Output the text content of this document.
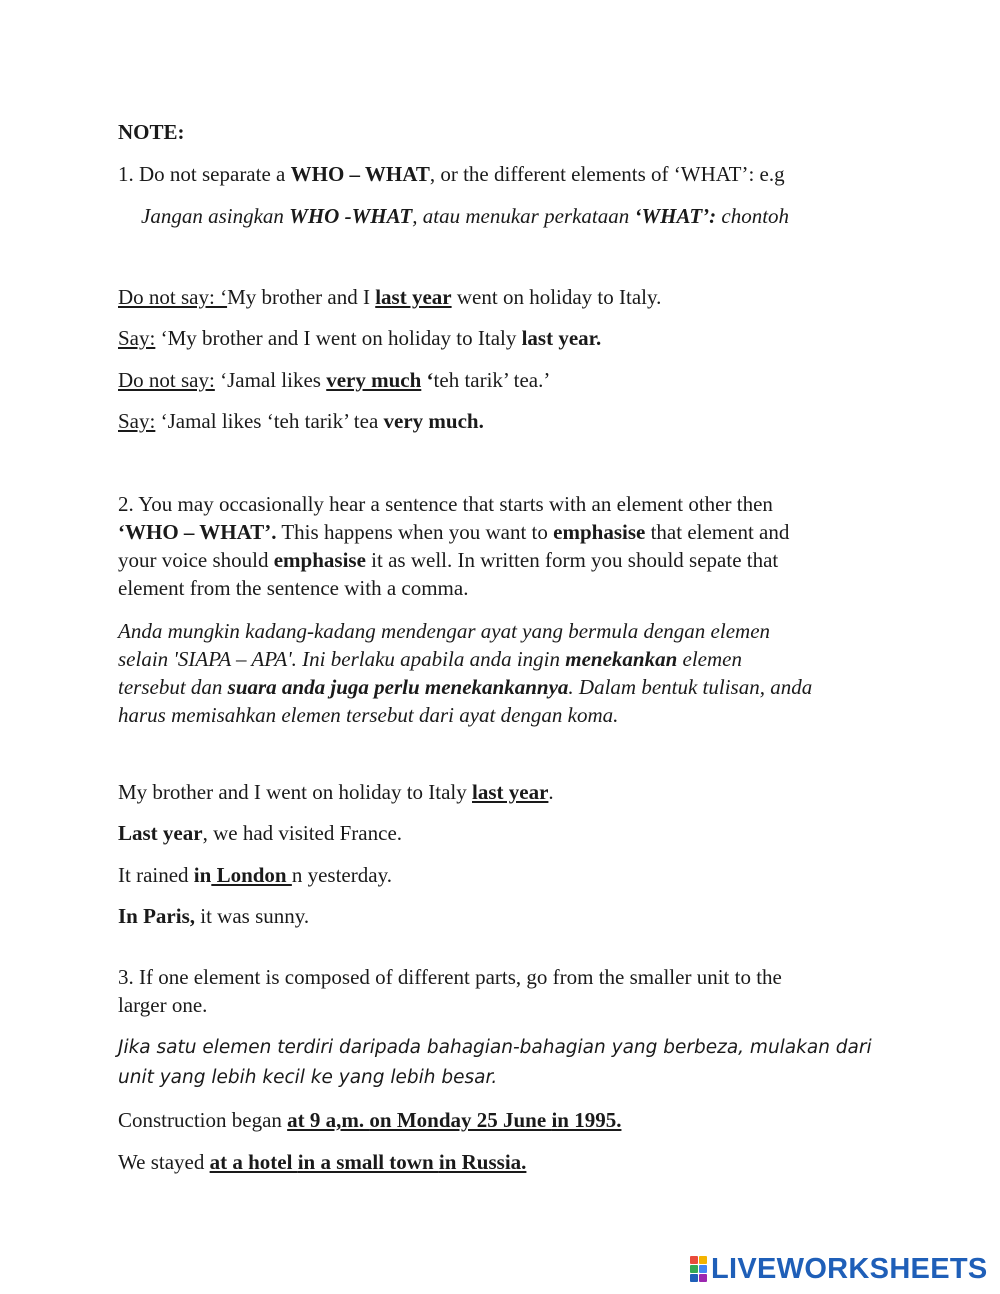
NOTE:
1. Do not separate a WHO – WHAT, or the different elements of ‘WHAT’: e.g
Jangan asingkan WHO -WHAT, atau menukar perkataan ‘WHAT’: chontoh
Do not say: ‘My brother and I last year went on holiday to Italy.
Say: ‘My brother and I went on holiday to Italy last year.
Do not say: ‘Jamal likes very much ‘teh tarik’ tea.’
Say: ‘Jamal likes ‘teh tarik’ tea very much.
2. You may occasionally hear a sentence that starts with an element other then
‘WHO – WHAT’. This happens when you want to emphasise that element and
your voice should emphasise it as well. In written form you should sepate that
element from the sentence with a comma.
Anda mungkin kadang-kadang mendengar ayat yang bermula dengan elemen
selain 'SIAPA – APA'. Ini berlaku apabila anda ingin menekankan elemen
tersebut dan suara anda juga perlu menekankannya. Dalam bentuk tulisan, anda
harus memisahkan elemen tersebut dari ayat dengan koma.
My brother and I went on holiday to Italy last year.
Last year, we had visited France.
It rained in London n yesterday.
In Paris, it was sunny.
3. If one element is composed of different parts, go from the smaller unit to the
larger one.
Jika satu elemen terdiri daripada bahagian-bahagian yang berbeza, mulakan dari
unit yang lebih kecil ke yang lebih besar.
Construction began at 9 a,m. on Monday 25 June in 1995.
We stayed at a hotel in a small town in Russia.
LIVEWORKSHEETS
